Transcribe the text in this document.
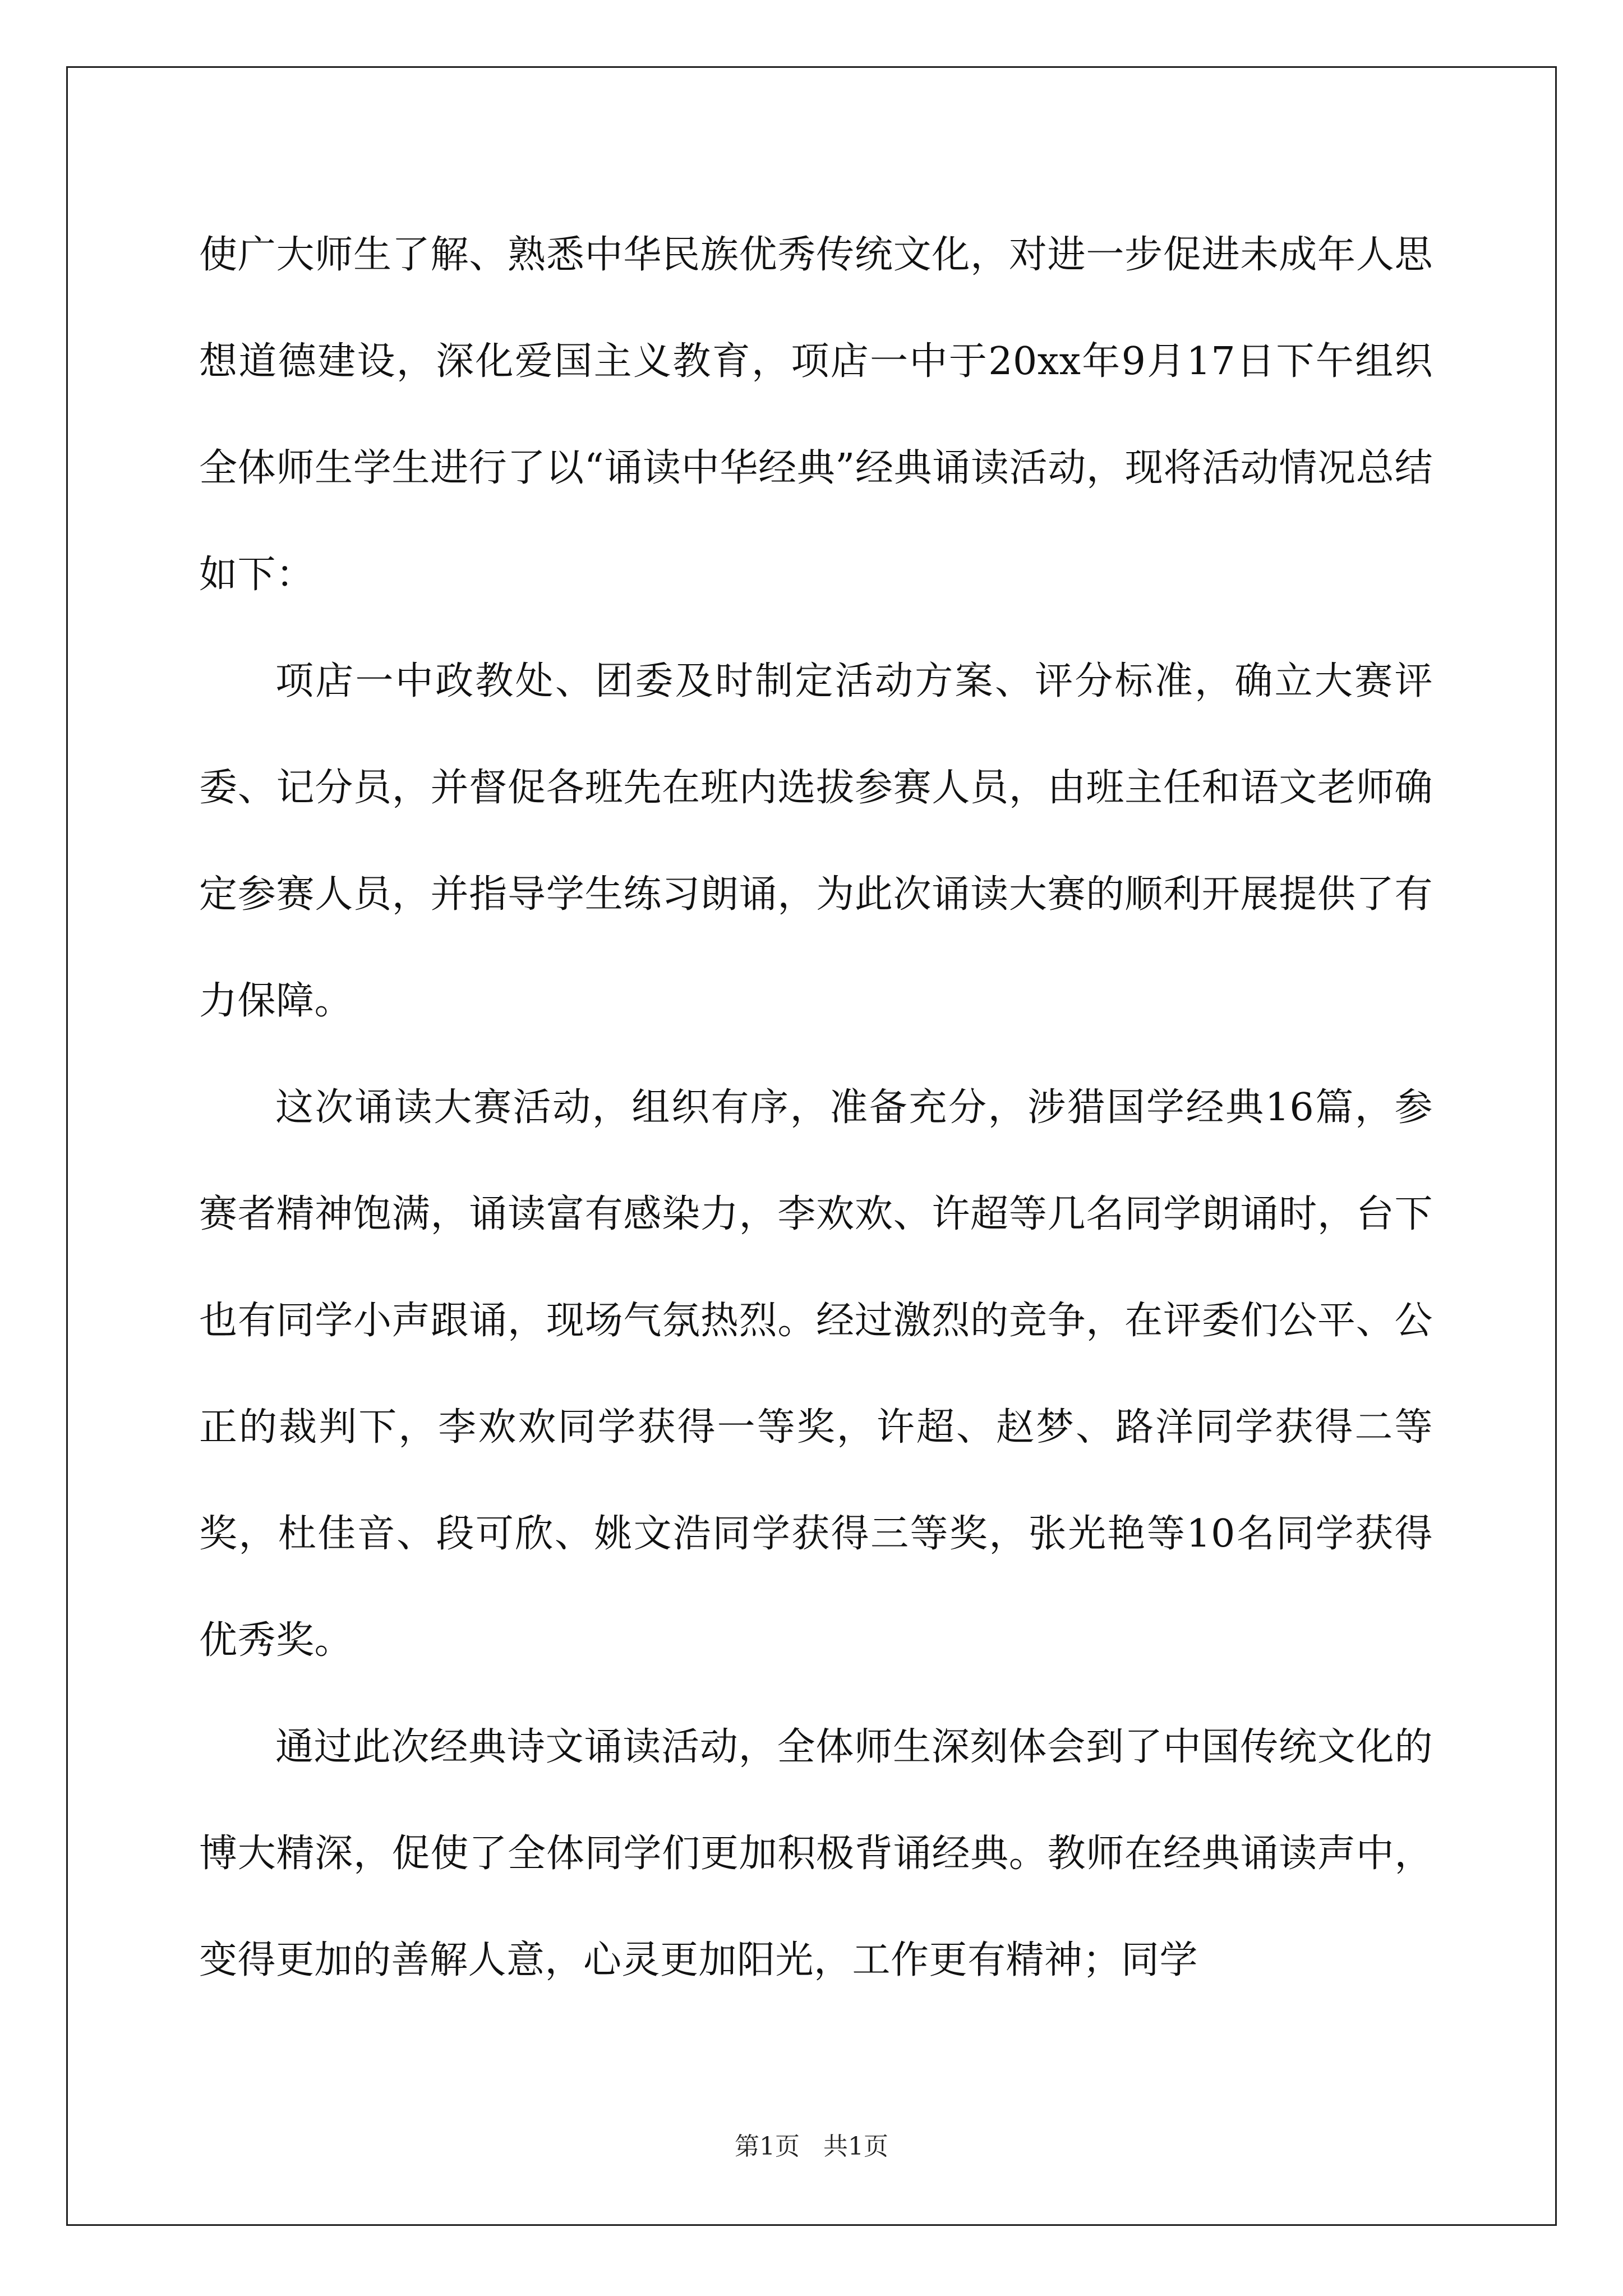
使广大师生了解、熟悉中华民族优秀传统文化，对进一步促进未成年人思想道德建设，深化爱国主义教育，项店一中于20xx年9月17日下午组织全体师生学生进行了以“诵读中华经典”经典诵读活动，现将活动情况总结如下：

项店一中政教处、团委及时制定活动方案、评分标准，确立大赛评委、记分员，并督促各班先在班内选拔参赛人员，由班主任和语文老师确定参赛人员，并指导学生练习朗诵，为此次诵读大赛的顺利开展提供了有力保障。

这次诵读大赛活动，组织有序，准备充分，涉猎国学经典16篇，参赛者精神饱满，诵读富有感染力，李欢欢、许超等几名同学朗诵时，台下也有同学小声跟诵，现场气氛热烈。经过激烈的竞争，在评委们公平、公正的裁判下，李欢欢同学获得一等奖，许超、赵梦、路洋同学获得二等奖，杜佳音、段可欣、姚文浩同学获得三等奖，张光艳等10名同学获得优秀奖。

通过此次经典诗文诵读活动，全体师生深刻体会到了中国传统文化的博大精深，促使了全体同学们更加积极背诵经典。教师在经典诵读声中，变得更加的善解人意，心灵更加阳光，工作更有精神；同学

第1页   共1页
